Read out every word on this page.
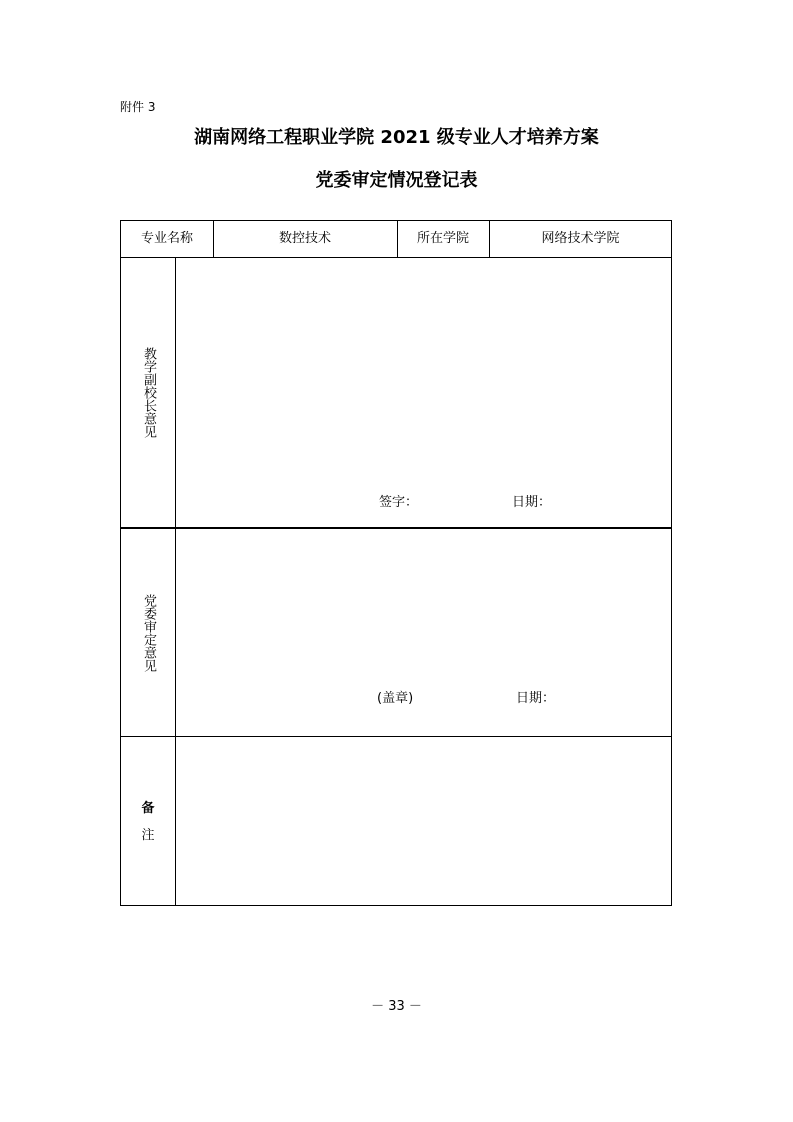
附件 3
湖南网络工程职业学院 2021 级专业人才培养方案
党委审定情况登记表
专业名称	数控技术	所在学院	网络技术学院
教学副校长意见
签字：	日期：
党委审定意见
(盖章)	日期：
备
注
－ 33 －
